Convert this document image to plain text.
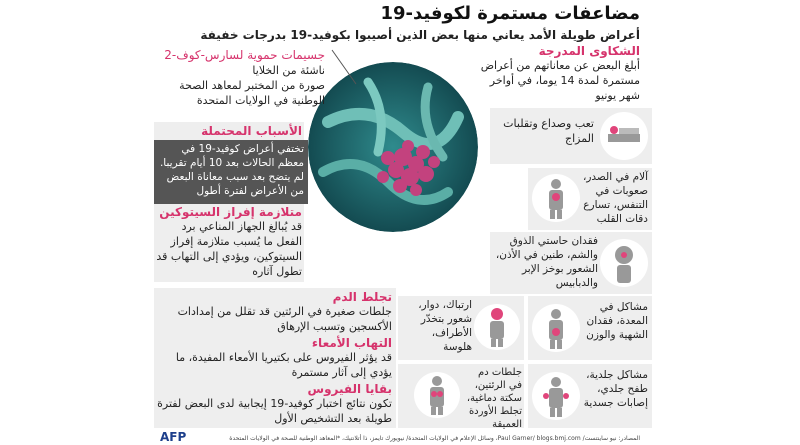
مضاعفات مستمرة لكوفيد-19
أعراض طويلة الأمد يعاني منها بعض الذين أصيبوا بكوفيد-19 بدرجات خفيفة
جسيمات حموية لسارس-كوف-2
ناشئة من الخلايا
صورة من المختبر لمعاهد الصحة
الوطنية في الولايات المتحدة
الشكاوى المدرجة
أبلغ البعض عن معاناتهم من أعراض مستمرة لمدة 14 يوما، في أواخر شهر يونيو
الأسباب المحتملة
تختفي أعراض كوفيد-19 في معظم الحالات بعد 10 أيام تقريبا. لم يتضح بعد سبب معاناة البعض من الأعراض لفترة أطول
متلازمة إفراز السيتوكين
قد يُبالغ الجهاز المناعي برد الفعل ما يُسبب متلازمة إفراز السيتوكين، ويؤدي إلى التهاب قد تطول آثاره
تجلط الدم
جلطات صغيرة في الرئتين قد تقلل من إمدادات الأكسجين وتسبب الإرهاق
التهاب الأمعاء
قد يؤثر الفيروس على بكتيريا الأمعاء المفيدة، ما يؤدي إلى آثار مستمرة
بقايا الفيروس
تكون نتائج اختبار كوفيد-19 إيجابية لدى البعض لفترة طويلة بعد التشخيص الأول
تعب وصداع وتقلبات المزاج
آلام في الصدر، صعوبات في التنفس، تسارع دقات القلب
فقدان حاستي الذوق والشم، طنين في الأذن، الشعور بوخز الإبر والدبابيس
مشاكل في المعدة، فقدان الشهية والوزن
ارتباك، دوار، شعور بتخدّر الأطراف، هلوسة
مشاكل جلدية، طفح جلدي، إصابات جسدية
جلطات دم في الرئتين، سكتة دماغية، تجلط الأوردة العميقة
المصادر: نيو ساينتست/ Paul Garner/ blogs.bmj.com، وسائل الإعلام في الولايات المتحدة/ نيويورك تايمز، ذا أتلانتيك، *المعاهد الوطنية للصحة في الولايات المتحدة
AFP
